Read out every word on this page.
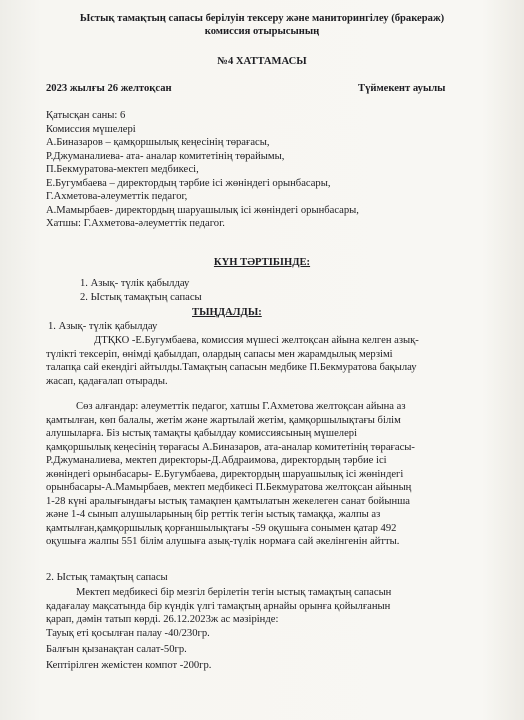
Ыстық тамақтың сапасы берілуін тексеру және маниторингілеу (бракераж)
комиссия отырысының
№4 ХАТТАМАСЫ
2023 жылғы 26 желтоқсан	Түймекент ауылы
Қатысқан саны: 6
Комиссия мүшелері
А.Биназаров – қамқоршылық кеңесінің төрағасы,
Р.Джуманалиева- ата- аналар комитетінің төрайымы,
П.Бекмуратова-мектеп медбикесі,
Е.Бугумбаева – директордың тәрбие ісі жөніндегі орынбасары,
Г.Ахметова-әлеуметтік педагог,
А.Мамырбаев- директордың шаруашылық ісі жөніндегі орынбасары,
Хатшы: Г.Ахметова-әлеуметтік педагог.
КҮН ТӘРТІБІНДЕ:
1. Азық- түлік қабылдау
2. Ыстық тамақтың сапасы
ТЫҢДАЛДЫ:
1. Азық- түлік қабылдау
ДТҚКО -Е.Бугумбаева, комиссия мүшесі желтоқсан айына келген азық-
түлікті тексеріп, өнімді қабылдап, олардың сапасы мен жарамдылық мерзімі
талапқа сай екендігі айтылды.Тамақтың сапасын медбике П.Бекмуратова бақылау
жасап, қадағалап отырады.
Сөз алғандар: әлеуметтік педагог, хатшы Г.Ахметова желтоқсан айына аз
қамтылған, көп балалы, жетім және жартылай жетім, қамқоршылықтағы білім
алушыларға. Біз ыстық тамақты қабылдау комиссиясының мүшелері
қамқоршылық кеңесінің төрағасы А.Биназаров, ата-аналар комитетінің төрағасы-
Р.Джуманалиева, мектеп директоры-Д.Абдраимова, директордың тәрбие ісі
жөніндегі орынбасары- Е.Бугумбаева, директордың шаруашылық ісі жөніндегі
орынбасары-А.Мамырбаев, мектеп медбикесі П.Бекмуратова желтоқсан айының
1-28 күні аралығындағы ыстық тамақпен қамтылатын жекелеген санат бойынша
және 1-4 сынып алушыларының бір реттік тегін ыстық тамаққа, жалпы аз
қамтылған,қамқоршылық қорғаншылықтағы -59 оқушыға сонымен қатар 492
оқушыға жалпы 551 білім алушыға азық-түлік нормаға сай әкелінгенін айтты.
2. Ыстық тамақтың сапасы
Мектеп медбикесі бір мезгіл берілетін тегін ыстық тамақтың сапасын
қадағалау мақсатында бір күндік үлгі тамақтың арнайы орынға қойылғанын
қарап, дәмін татып көрді. 26.12.2023ж ас мәзірінде:
Тауық еті қосылған палау -40/230гр.
Балғын қызанақтан салат-50гр.
Кептірілген жемістен компот -200гр.
